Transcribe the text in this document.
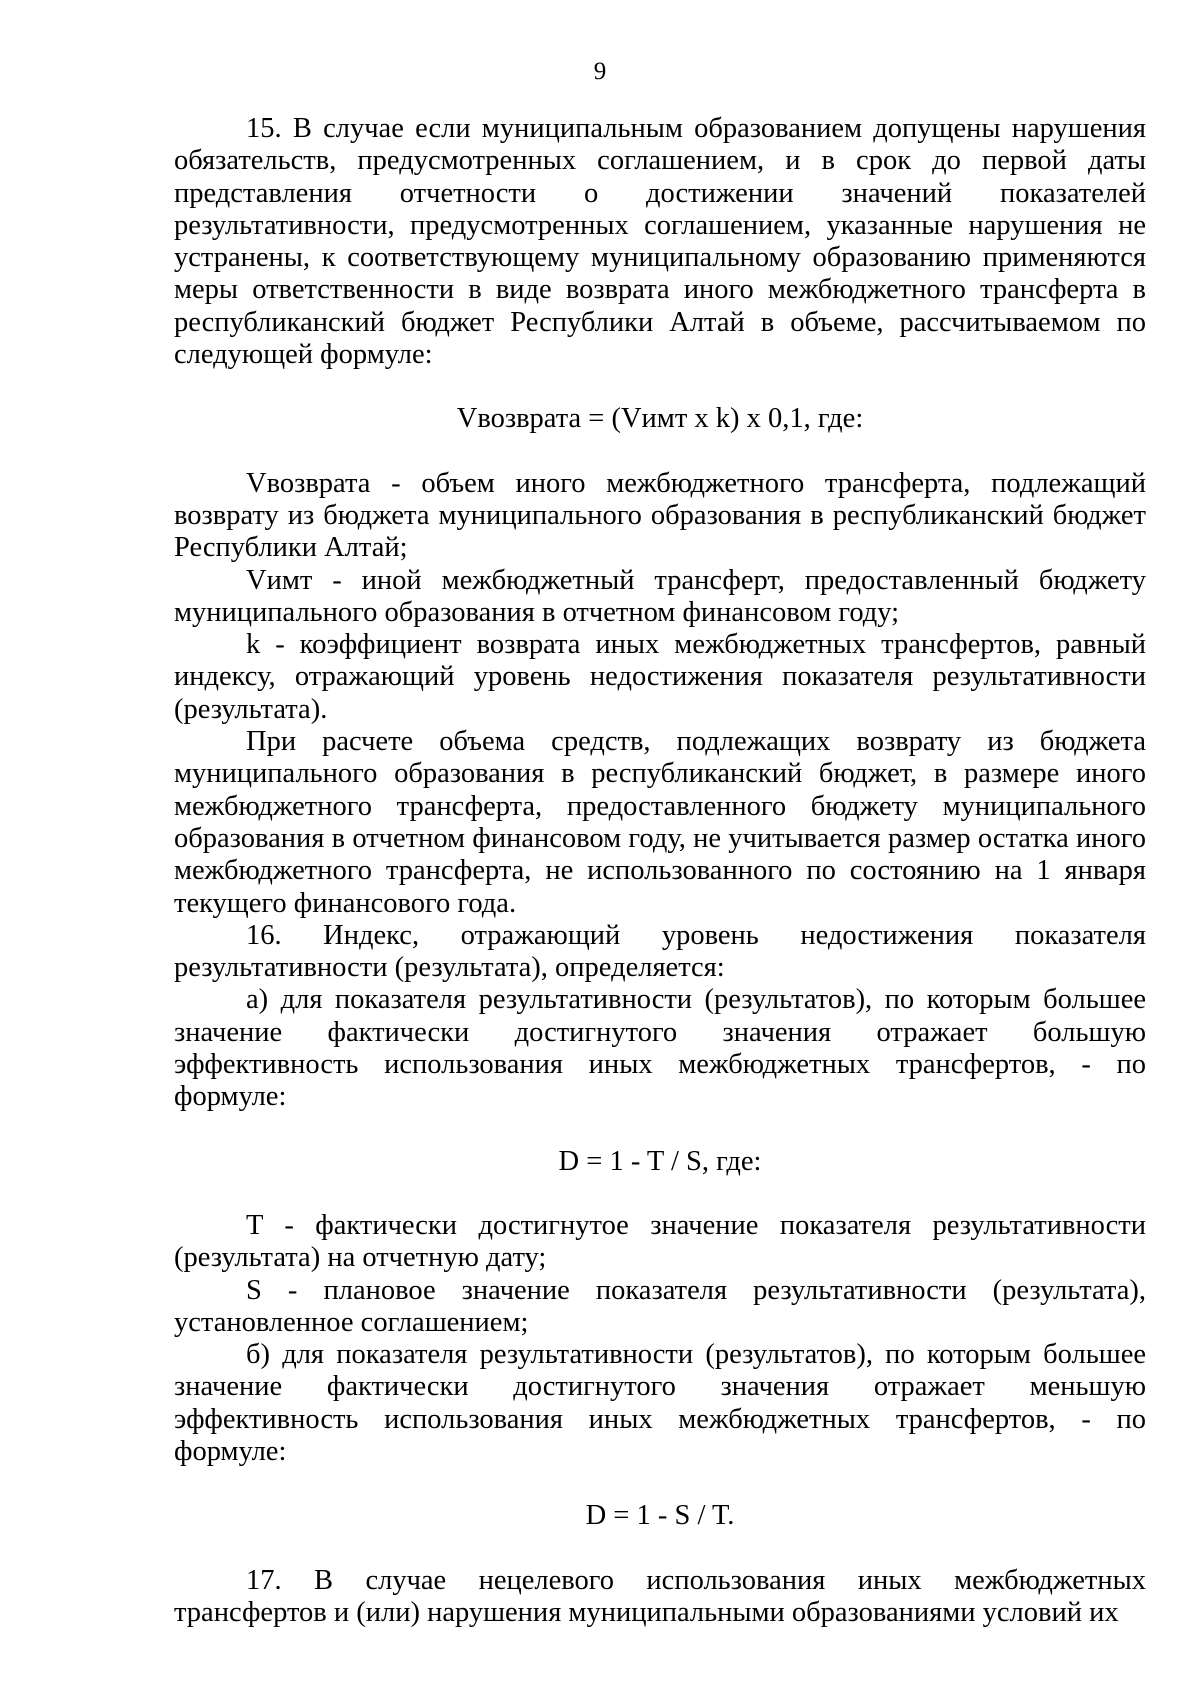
9

15. В случае если муниципальным образованием допущены нарушения обязательств, предусмотренных соглашением, и в срок до первой даты представления отчетности о достижении значений показателей результативности, предусмотренных соглашением, указанные нарушения не устранены, к соответствующему муниципальному образованию применяются меры ответственности в виде возврата иного межбюджетного трансферта в республиканский бюджет Республики Алтай в объеме, рассчитываемом по следующей формуле:

Vвозврата = (Vимт x k) x 0,1, где:

Vвозврата - объем иного межбюджетного трансферта, подлежащий возврату из бюджета муниципального образования в республиканский бюджет Республики Алтай;

Vимт - иной межбюджетный трансферт, предоставленный бюджету муниципального образования в отчетном финансовом году;

k - коэффициент возврата иных межбюджетных трансфертов, равный индексу, отражающий уровень недостижения показателя результативности (результата).

При расчете объема средств, подлежащих возврату из бюджета муниципального образования в республиканский бюджет, в размере иного межбюджетного трансферта, предоставленного бюджету муниципального образования в отчетном финансовом году, не учитывается размер остатка иного межбюджетного трансферта, не использованного по состоянию на 1 января текущего финансового года.

16. Индекс, отражающий уровень недостижения показателя результативности (результата), определяется:

а) для показателя результативности (результатов), по которым большее значение фактически достигнутого значения отражает большую эффективность использования иных межбюджетных трансфертов, - по формуле:

D = 1 - T / S, где:

T - фактически достигнутое значение показателя результативности (результата) на отчетную дату;

S - плановое значение показателя результативности (результата), установленное соглашением;

б) для показателя результативности (результатов), по которым большее значение фактически достигнутого значения отражает меньшую эффективность использования иных межбюджетных трансфертов, - по формуле:

D = 1 - S / T.

17. В случае нецелевого использования иных межбюджетных трансфертов и (или) нарушения муниципальными образованиями условий их
